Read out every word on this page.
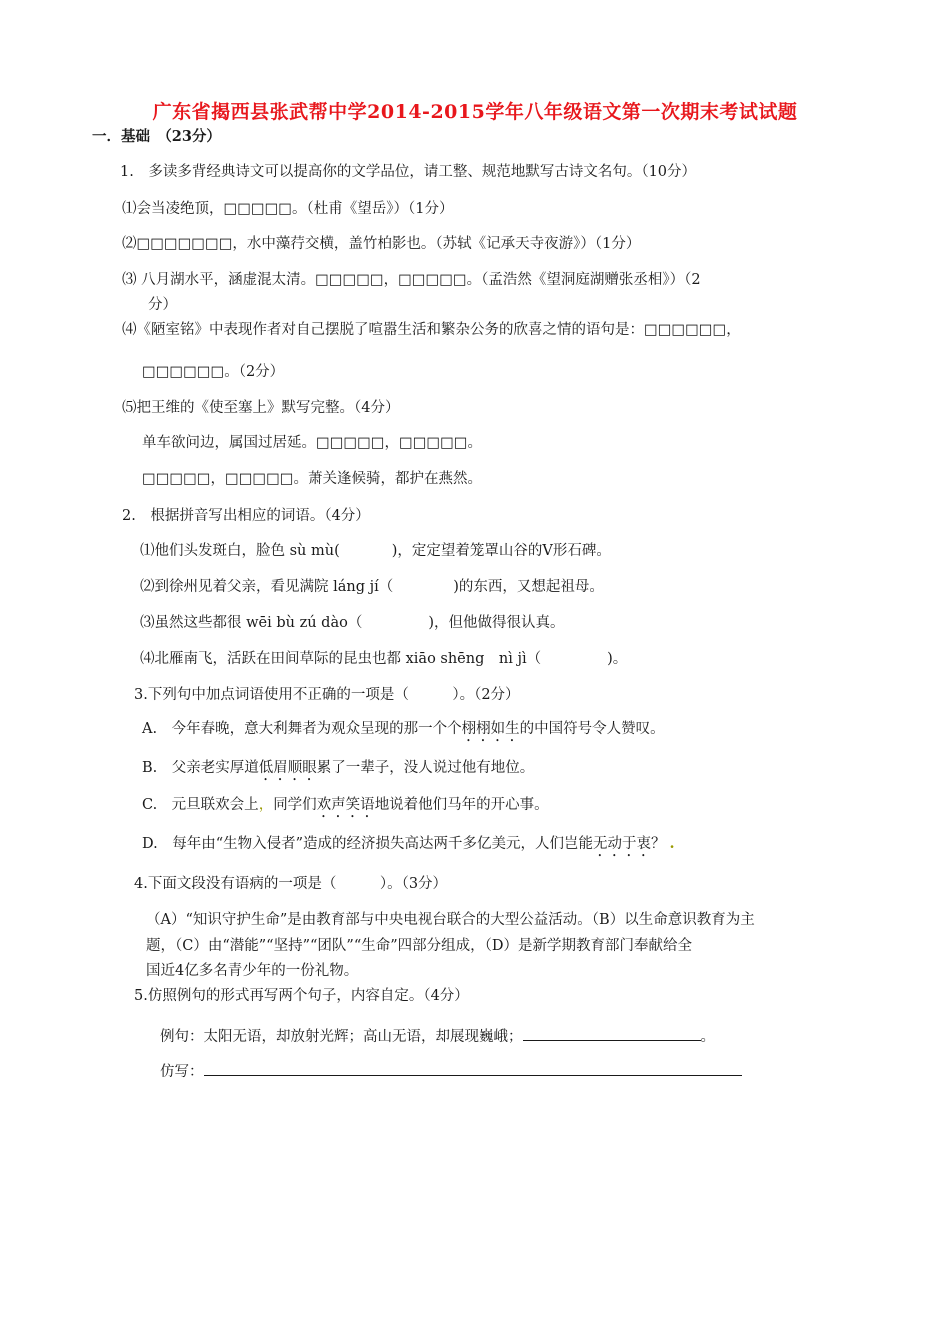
广东省揭西县张武帮中学2014-2015学年八年级语文第一次期末考试试题
一．基础　（23分）
1.　多读多背经典诗文可以提高你的文学品位，请工整、规范地默写古诗文名句。（10分）
⑴会当凌绝顶，□□□□□。（杜甫《望岳》）（1分）
⑵□□□□□□□，水中藻荇交横，盖竹柏影也。（苏轼《记承天寺夜游》）（1分）
⑶ 八月湖水平，涵虚混太清。□□□□□，□□□□□。（孟浩然《望洞庭湖赠张丞相》）（2
分）
⑷《陋室铭》中表现作者对自己摆脱了喧嚣生活和繁杂公务的欣喜之情的语句是：□□□□□□，
□□□□□□。（2分）
⑸把王维的《使至塞上》默写完整。（4分）
单车欲问边，属国过居延。□□□□□，□□□□□。
□□□□□，□□□□□。萧关逢候骑，都护在燕然。
2.　根据拼音写出相应的词语。（4分）
⑴他们头发斑白，脸色 sù mù(	)，定定望着笼罩山谷的V形石碑。
⑵到徐州见着父亲，看见满院 láng jí（	)的东西，又想起祖母。
⑶虽然这些都很 wēi bù zú dào（	)，但他做得很认真。
⑷北雁南飞，活跃在田间草际的昆虫也都 xiāo shēng　nì jì（	)。
3.下列句中加点词语使用不正确的一项是（　　　）。（2分）
A.　今年春晚，意大利舞者为观众呈现的那一个个栩栩如生的中国符号令人赞叹。
B.　父亲老实厚道低眉顺眼累了一辈子，没人说过他有地位。
C.　元旦联欢会上，同学们欢声笑语地说着他们马年的开心事。
D.　每年由“生物入侵者”造成的经济损失高达两千多亿美元，人们岂能无动于衷？ .
4.下面文段没有语病的一项是（　　　）。（3分）
（A）“知识守护生命”是由教育部与中央电视台联合的大型公益活动。（B）以生命意识教育为主
题，（C）由“潜能”“坚持”“团队”“生命”四部分组成，（D）是新学期教育部门奉献给全
国近4亿多名青少年的一份礼物。
5.仿照例句的形式再写两个句子，内容自定。（4分）
例句：太阳无语，却放射光辉；高山无语，却展现巍峨；	。
仿写：
